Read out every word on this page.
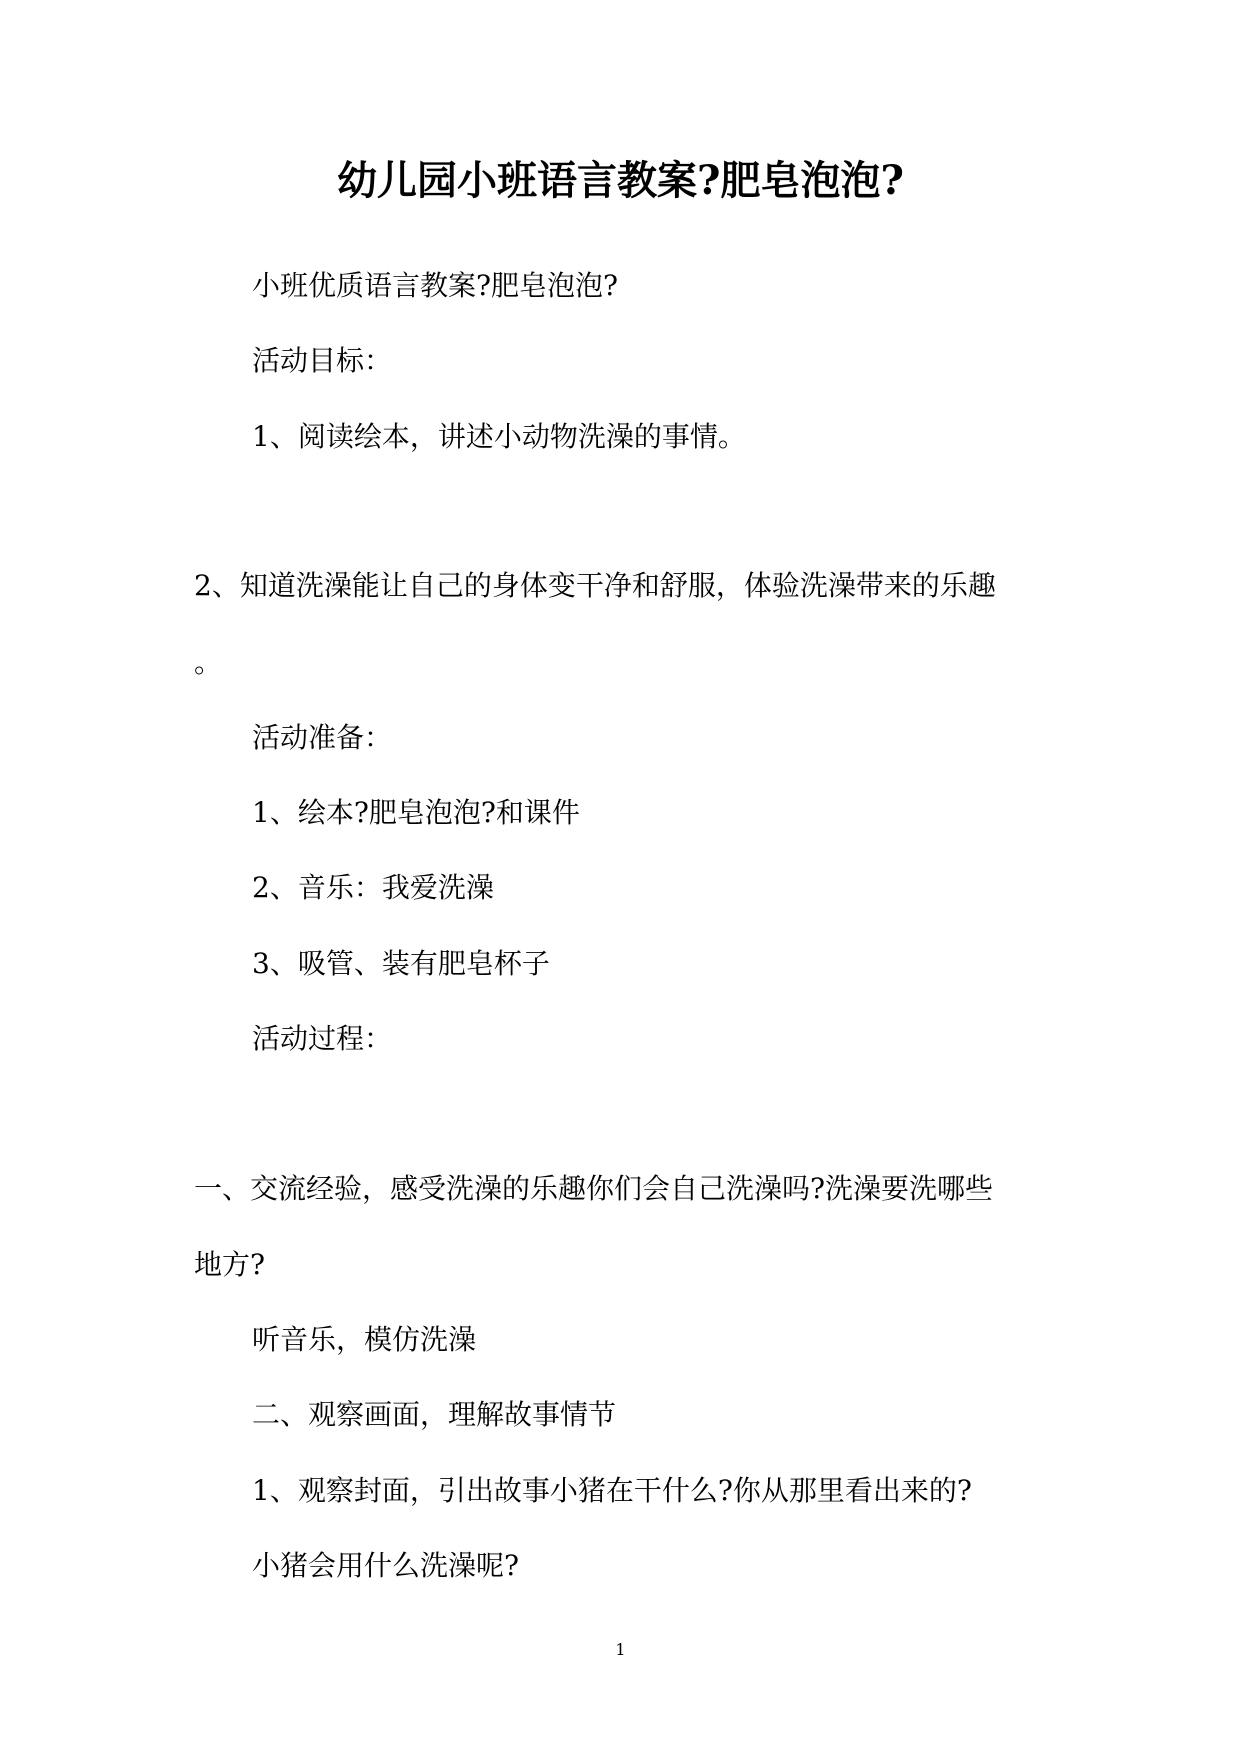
幼儿园小班语言教案?肥皂泡泡?
小班优质语言教案?肥皂泡泡?
活动目标：
1、阅读绘本，讲述小动物洗澡的事情。
2、知道洗澡能让自己的身体变干净和舒服，体验洗澡带来的乐趣
。
活动准备：
1、绘本?肥皂泡泡?和课件
2、音乐：我爱洗澡
3、吸管、装有肥皂杯子
活动过程：
一、交流经验，感受洗澡的乐趣你们会自己洗澡吗?洗澡要洗哪些
地方?
听音乐，模仿洗澡
二、观察画面，理解故事情节
1、观察封面，引出故事小猪在干什么?你从那里看出来的?
小猪会用什么洗澡呢?
1
